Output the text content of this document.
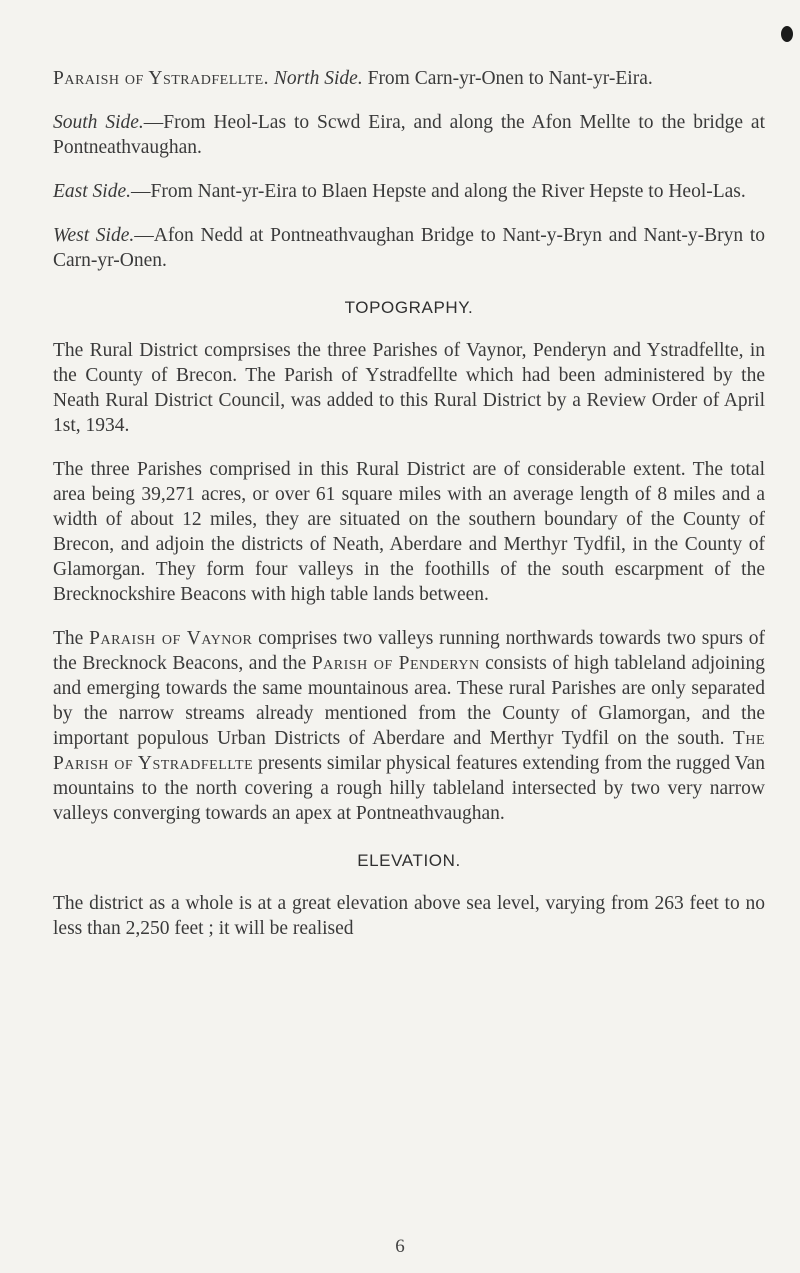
Paraish of Ystradfellte. North Side. From Carn-yr-Onen to Nant-yr-Eira.

South Side.—From Heol-Las to Scwd Eira, and along the Afon Mellte to the bridge at Pontneathvaughan.

East Side.—From Nant-yr-Eira to Blaen Hepste and along the River Hepste to Heol-Las.

West Side.—Afon Nedd at Pontneathvaughan Bridge to Nant-y-Bryn and Nant-y-Bryn to Carn-yr-Onen.

TOPOGRAPHY.

The Rural District comprsises the three Parishes of Vaynor, Penderyn and Ystradfellte, in the County of Brecon. The Parish of Ystradfellte which had been administered by the Neath Rural District Council, was added to this Rural District by a Review Order of April 1st, 1934.

The three Parishes comprised in this Rural District are of considerable extent. The total area being 39,271 acres, or over 61 square miles with an average length of 8 miles and a width of about 12 miles, they are situated on the southern boundary of the County of Brecon, and adjoin the districts of Neath, Aberdare and Merthyr Tydfil, in the County of Glamorgan. They form four valleys in the foothills of the south escarpment of the Brecknockshire Beacons with high table lands between.

The Paraish of Vaynor comprises two valleys running northwards towards two spurs of the Brecknock Beacons, and the Parish of Penderyn consists of high tableland adjoining and emerging towards the same mountainous area. These rural Parishes are only separated by the narrow streams already mentioned from the County of Glamorgan, and the important populous Urban Districts of Aberdare and Merthyr Tydfil on the south. The Parish of Ystradfellte presents similar physical features extending from the rugged Van mountains to the north covering a rough hilly tableland intersected by two very narrow valleys converging towards an apex at Pontneathvaughan.

ELEVATION.

The district as a whole is at a great elevation above sea level, varying from 263 feet to no less than 2,250 feet ; it will be realised

6
